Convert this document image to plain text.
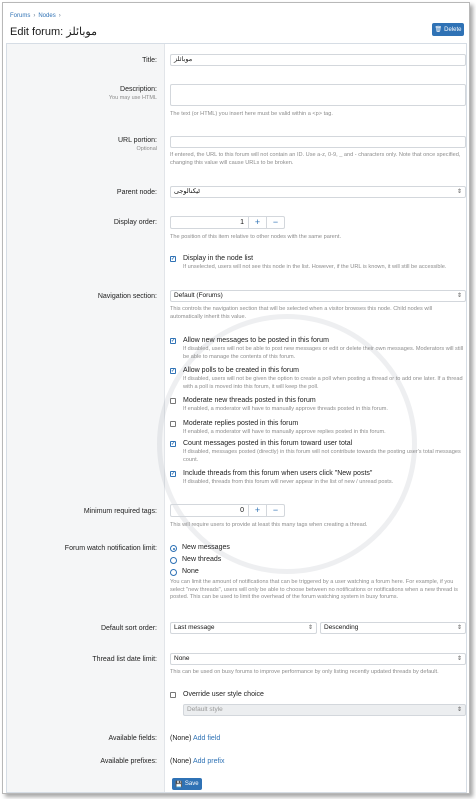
Forums › Nodes ›
Edit forum: موبائلز	🗑 Delete
Title:	موبائلز
Description:
You may use HTML
The text (or HTML) you insert here must be valid within a <p> tag.
URL portion:
Optional
If entered, the URL to this forum will not contain an ID. Use a-z, 0-9, _ and - characters only. Note that once specified, changing this value will cause URLs to be broken.
Parent node:	ٹیکنالوجی	⇕
Display order:	1	+	−
The position of this item relative to other nodes with the same parent.
✓
Display in the node list
If unselected, users will not see this node in the list. However, if the URL is known, it will still be accessible.
Navigation section:	Default (Forums)	⇕
This controls the navigation section that will be selected when a visitor browses this node. Child nodes will automatically inherit this value.
✓
Allow new messages to be posted in this forum
If disabled, users will not be able to post new messages or edit or delete their own messages. Moderators will still be able to manage the contents of this forum.
✓
Allow polls to be created in this forum
If disabled, users will not be given the option to create a poll when posting a thread or to add one later. If a thread with a poll is moved into this forum, it will keep the poll.
Moderate new threads posted in this forum
If enabled, a moderator will have to manually approve threads posted in this forum.
Moderate replies posted in this forum
If enabled, a moderator will have to manually approve replies posted in this forum.
✓
Count messages posted in this forum toward user total
If disabled, messages posted (directly) in this forum will not contribute towards the posting user's total messages count.
✓
Include threads from this forum when users click "New posts"
If disabled, threads from this forum will never appear in the list of new / unread posts.
Minimum required tags:	0	+	−
This will require users to provide at least this many tags when creating a thread.
Forum watch notification limit:	New messages
New threads
None
You can limit the amount of notifications that can be triggered by a user watching a forum here. For example, if you select "new threads", users will only be able to choose between no notifications or notifications when a new thread is posted. This can be used to limit the overhead of the forum watching system in busy forums.
Default sort order:	Last message	⇕	Descending	⇕
Thread list date limit:	None	⇕
This can be used on busy forums to improve performance by only listing recently updated threads by default.
Override user style choice
Default style	⇕
Available fields: (None) Add field
Available prefixes: (None) Add prefix
💾 Save
